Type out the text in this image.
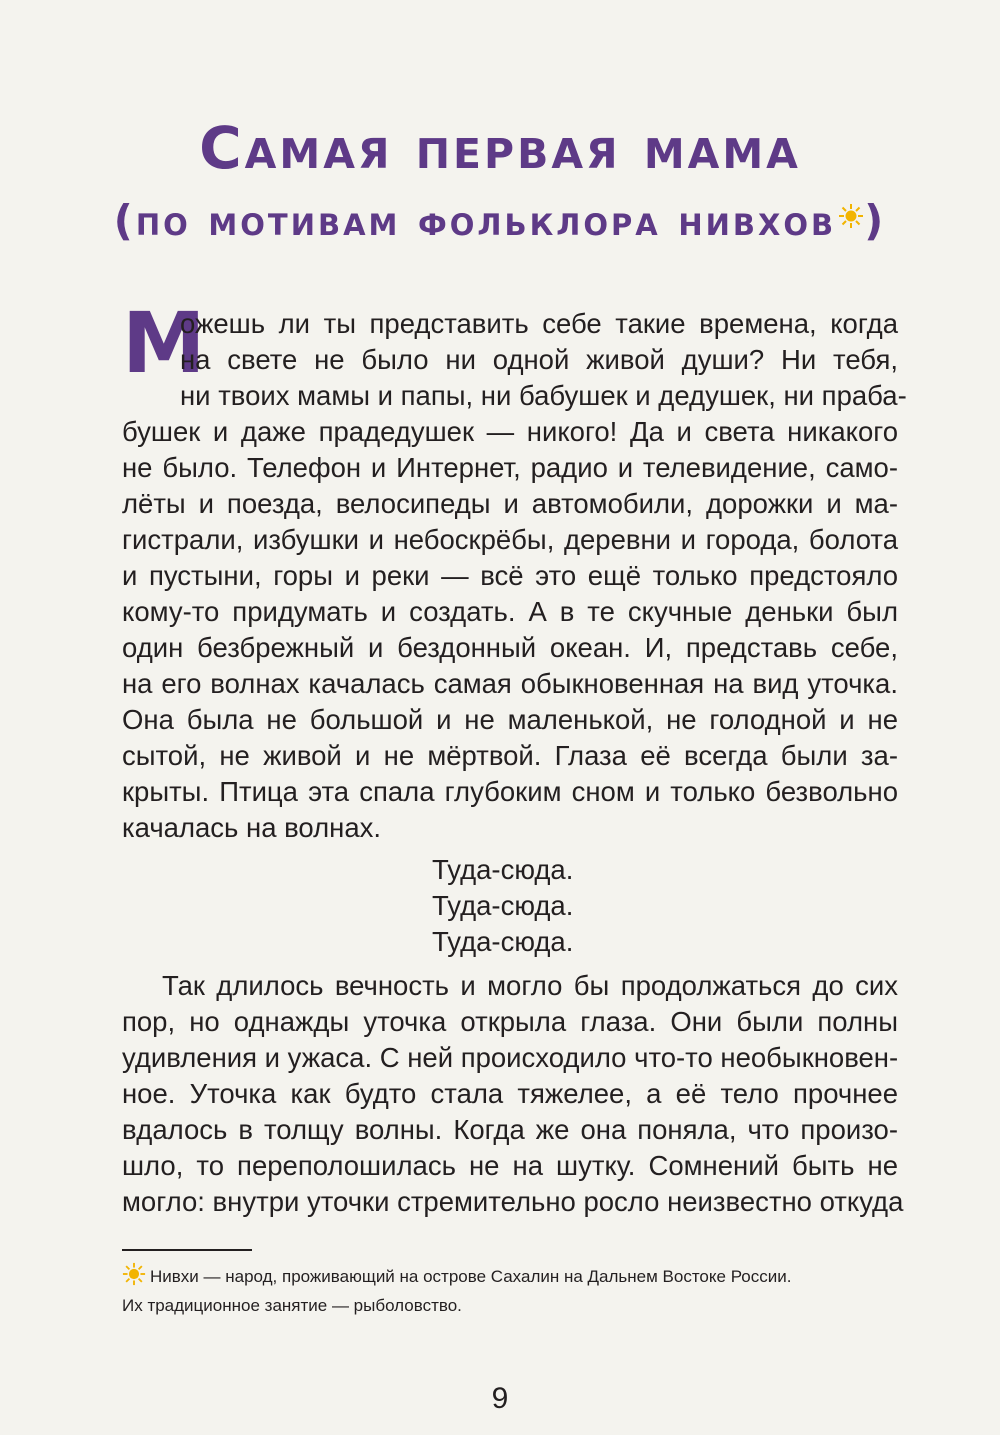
Самая первая мама
(по мотивам фольклора нивхов )
М
ожешь ли ты представить себе такие времена, когда
на свете не было ни одной живой души? Ни тебя,
ни твоих мамы и папы, ни бабушек и дедушек, ни праба-
бушек и даже прадедушек — никого! Да и света никакого
не было. Телефон и Интернет, радио и телевидение, само-
лёты и поезда, велосипеды и автомобили, дорожки и ма-
гистрали, избушки и небоскрёбы, деревни и города, болота
и пустыни, горы и реки — всё это ещё только предстояло
кому-то придумать и создать. А в те скучные деньки был
один безбрежный и бездонный океан. И, представь себе,
на его волнах качалась самая обыкновенная на вид уточка.
Она была не большой и не маленькой, не голодной и не
сытой, не живой и не мёртвой. Глаза её всегда были за-
крыты. Птица эта спала глубоким сном и только безвольно
качалась на волнах.
Туда-сюда.
Туда-сюда.
Туда-сюда.
Так длилось вечность и могло бы продолжаться до сих
пор, но однажды уточка открыла глаза. Они были полны
удивления и ужаса. С ней происходило что-то необыкновен-
ное. Уточка как будто стала тяжелее, а её тело прочнее
вдалось в толщу волны. Когда же она поняла, что произо-
шло, то переполошилась не на шутку. Сомнений быть не
могло: внутри уточки стремительно росло неизвестно откуда
Нивхи — народ, проживающий на острове Сахалин на Дальнем Востоке России.
Их традиционное занятие — рыболовство.
9
